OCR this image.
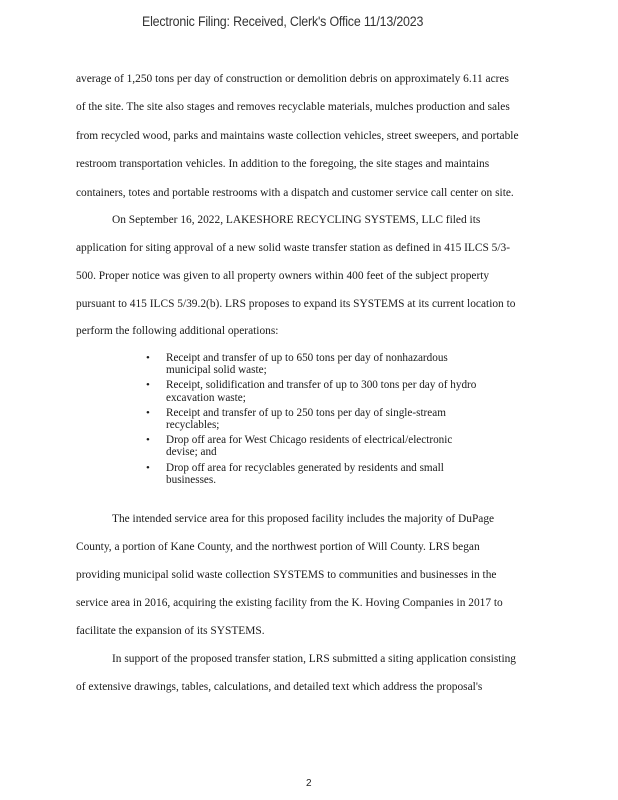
Electronic Filing: Received, Clerk's Office 11/13/2023
average of 1,250 tons per day of construction or demolition debris on approximately 6.11 acres
of the site. The site also stages and removes recyclable materials, mulches production and sales
from recycled wood, parks and maintains waste collection vehicles, street sweepers, and portable
restroom transportation vehicles. In addition to the foregoing, the site stages and maintains
containers, totes and portable restrooms with a dispatch and customer service call center on site.
On September 16, 2022, LAKESHORE RECYCLING SYSTEMS, LLC filed its
application for siting approval of a new solid waste transfer station as defined in 415 ILCS 5/3-
500. Proper notice was given to all property owners within 400 feet of the subject property
pursuant to 415 ILCS 5/39.2(b). LRS proposes to expand its SYSTEMS at its current location to
perform the following additional operations:
• Receipt and transfer of up to 650 tons per day of nonhazardous
municipal solid waste;
• Receipt, solidification and transfer of up to 300 tons per day of hydro
excavation waste;
• Receipt and transfer of up to 250 tons per day of single-stream
recyclables;
• Drop off area for West Chicago residents of electrical/electronic
devise; and
• Drop off area for recyclables generated by residents and small
businesses.
The intended service area for this proposed facility includes the majority of DuPage
County, a portion of Kane County, and the northwest portion of Will County. LRS began
providing municipal solid waste collection SYSTEMS to communities and businesses in the
service area in 2016, acquiring the existing facility from the K. Hoving Companies in 2017 to
facilitate the expansion of its SYSTEMS.
In support of the proposed transfer station, LRS submitted a siting application consisting
of extensive drawings, tables, calculations, and detailed text which address the proposal's
2
